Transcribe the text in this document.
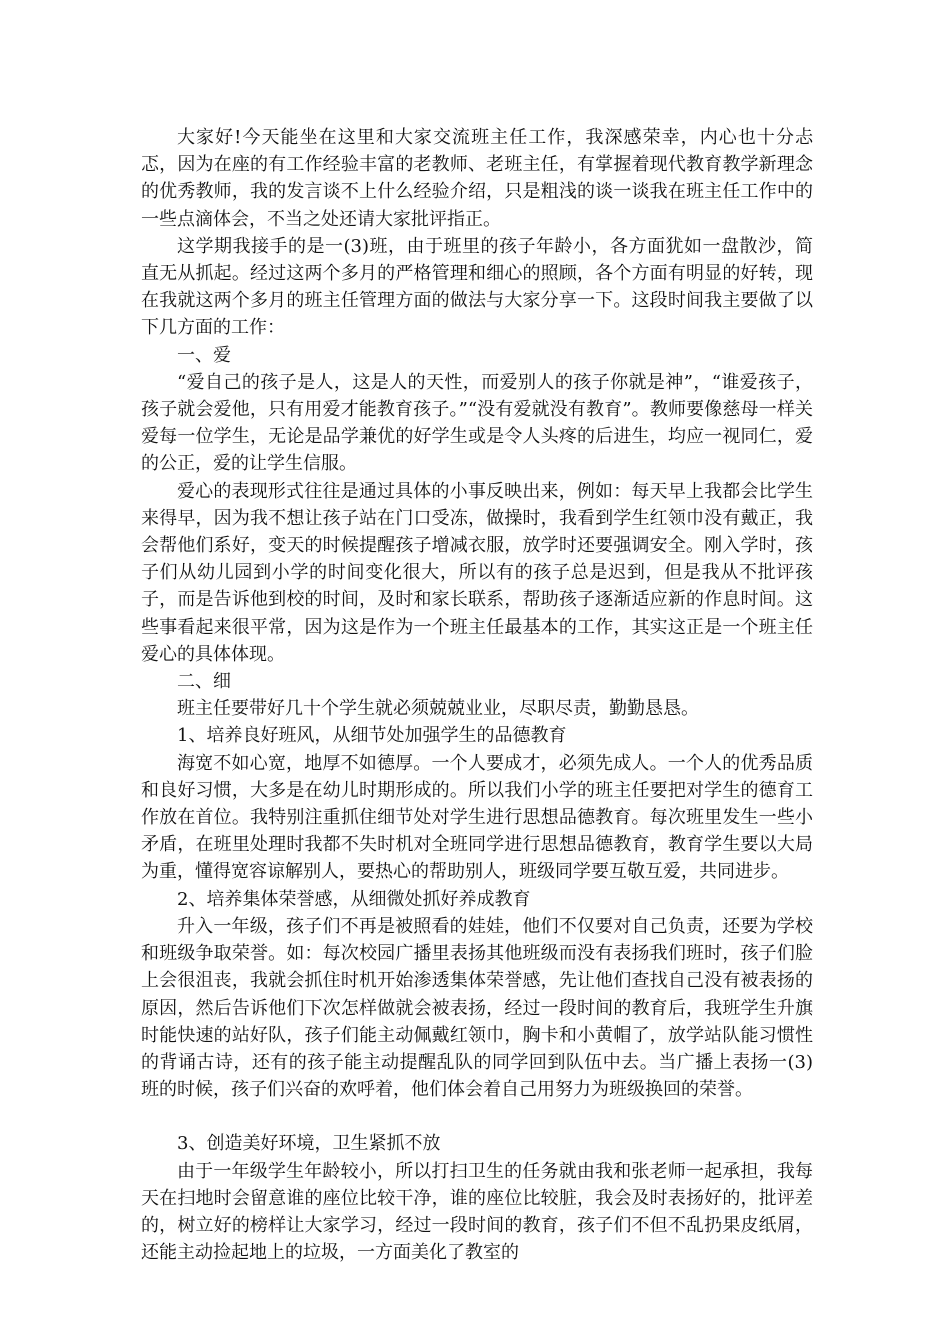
大家好!今天能坐在这里和大家交流班主任工作，我深感荣幸，内心也十分忐忑，因为在座的有工作经验丰富的老教师、老班主任，有掌握着现代教育教学新理念的优秀教师，我的发言谈不上什么经验介绍，只是粗浅的谈一谈我在班主任工作中的一些点滴体会，不当之处还请大家批评指正。

这学期我接手的是一(3)班，由于班里的孩子年龄小，各方面犹如一盘散沙，简直无从抓起。经过这两个多月的严格管理和细心的照顾，各个方面有明显的好转，现在我就这两个多月的班主任管理方面的做法与大家分享一下。这段时间我主要做了以下几方面的工作：

一、爱

“爱自己的孩子是人，这是人的天性，而爱别人的孩子你就是神”，“谁爱孩子，孩子就会爱他，只有用爱才能教育孩子。”“没有爱就没有教育”。教师要像慈母一样关爱每一位学生，无论是品学兼优的好学生或是令人头疼的后进生，均应一视同仁，爱的公正，爱的让学生信服。

爱心的表现形式往往是通过具体的小事反映出来，例如：每天早上我都会比学生来得早，因为我不想让孩子站在门口受冻，做操时，我看到学生红领巾没有戴正，我会帮他们系好，变天的时候提醒孩子增减衣服，放学时还要强调安全。刚入学时，孩子们从幼儿园到小学的时间变化很大，所以有的孩子总是迟到，但是我从不批评孩子，而是告诉他到校的时间，及时和家长联系，帮助孩子逐渐适应新的作息时间。这些事看起来很平常，因为这是作为一个班主任最基本的工作，其实这正是一个班主任爱心的具体体现。

二、细

班主任要带好几十个学生就必须兢兢业业，尽职尽责，勤勤恳恳。

1、培养良好班风，从细节处加强学生的品德教育

海宽不如心宽，地厚不如德厚。一个人要成才，必须先成人。一个人的优秀品质和良好习惯，大多是在幼儿时期形成的。所以我们小学的班主任要把对学生的德育工作放在首位。我特别注重抓住细节处对学生进行思想品德教育。每次班里发生一些小矛盾，在班里处理时我都不失时机对全班同学进行思想品德教育，教育学生要以大局为重，懂得宽容谅解别人，要热心的帮助别人，班级同学要互敬互爱，共同进步。

2、培养集体荣誉感，从细微处抓好养成教育

升入一年级，孩子们不再是被照看的娃娃，他们不仅要对自己负责，还要为学校和班级争取荣誉。如：每次校园广播里表扬其他班级而没有表扬我们班时，孩子们脸上会很沮丧，我就会抓住时机开始渗透集体荣誉感，先让他们查找自己没有被表扬的原因，然后告诉他们下次怎样做就会被表扬，经过一段时间的教育后，我班学生升旗时能快速的站好队，孩子们能主动佩戴红领巾，胸卡和小黄帽了，放学站队能习惯性的背诵古诗，还有的孩子能主动提醒乱队的同学回到队伍中去。当广播上表扬一(3)班的时候，孩子们兴奋的欢呼着，他们体会着自己用努力为班级换回的荣誉。

3、创造美好环境，卫生紧抓不放

由于一年级学生年龄较小，所以打扫卫生的任务就由我和张老师一起承担，我每天在扫地时会留意谁的座位比较干净，谁的座位比较脏，我会及时表扬好的，批评差的，树立好的榜样让大家学习，经过一段时间的教育，孩子们不但不乱扔果皮纸屑，还能主动捡起地上的垃圾，一方面美化了教室的
